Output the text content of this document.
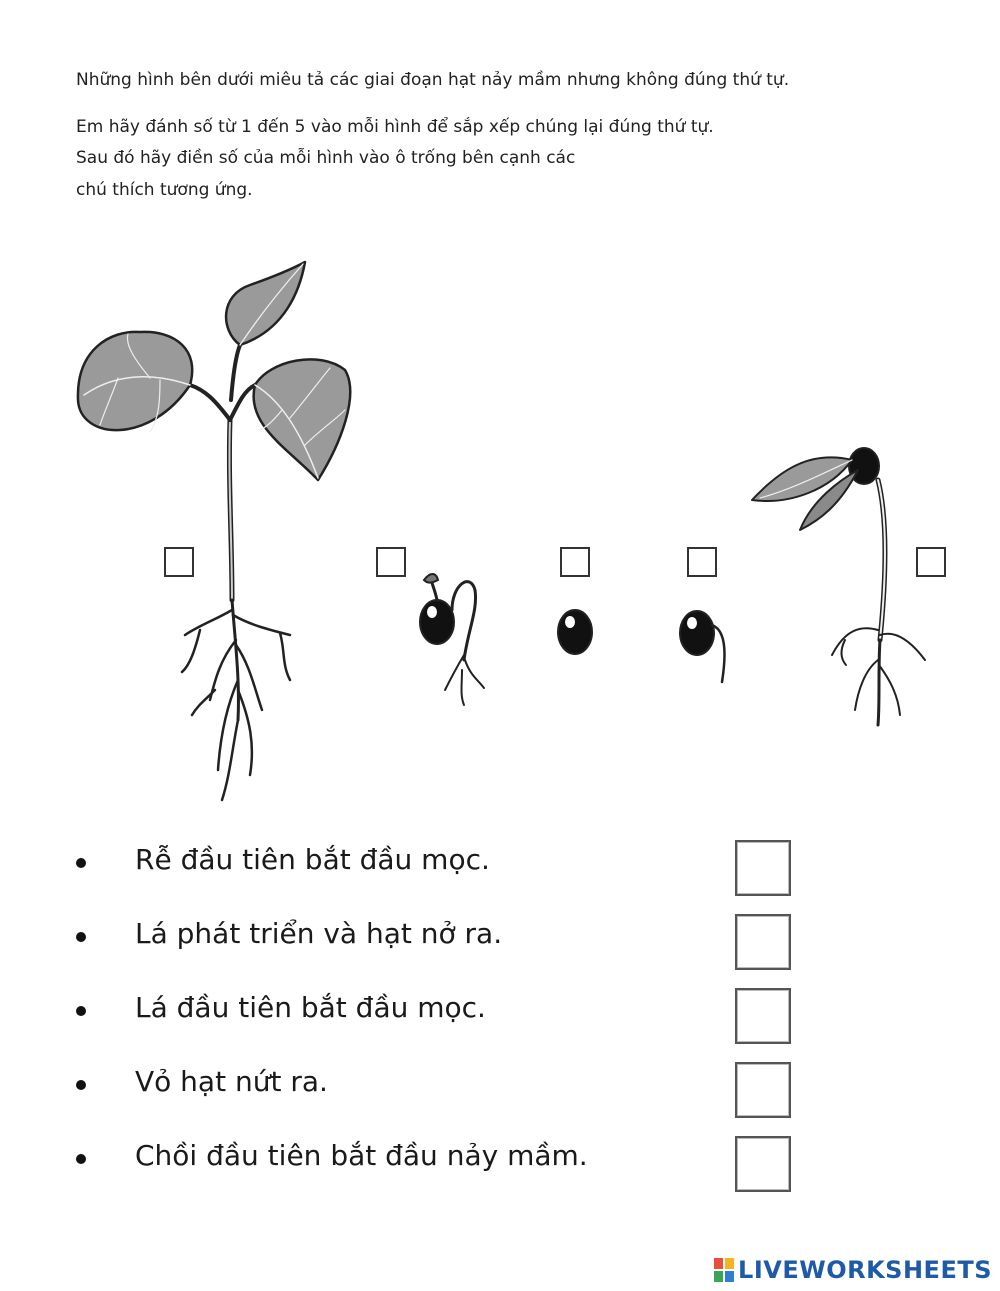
Những hình bên dưới miêu tả các giai đoạn hạt nảy mầm nhưng không đúng thứ tự.
Em hãy đánh số từ 1 đến 5 vào mỗi hình để sắp xếp chúng lại đúng thứ tự.
Sau đó hãy điền số của mỗi hình vào ô trống bên cạnh các
chú thích tương ứng.
Rễ đầu tiên bắt đầu mọc.
Lá phát triển và hạt nở ra.
Lá đầu tiên bắt đầu mọc.
Vỏ hạt nứt ra.
Chồi đầu tiên bắt đầu nảy mầm.
LIVEWORKSHEETS
